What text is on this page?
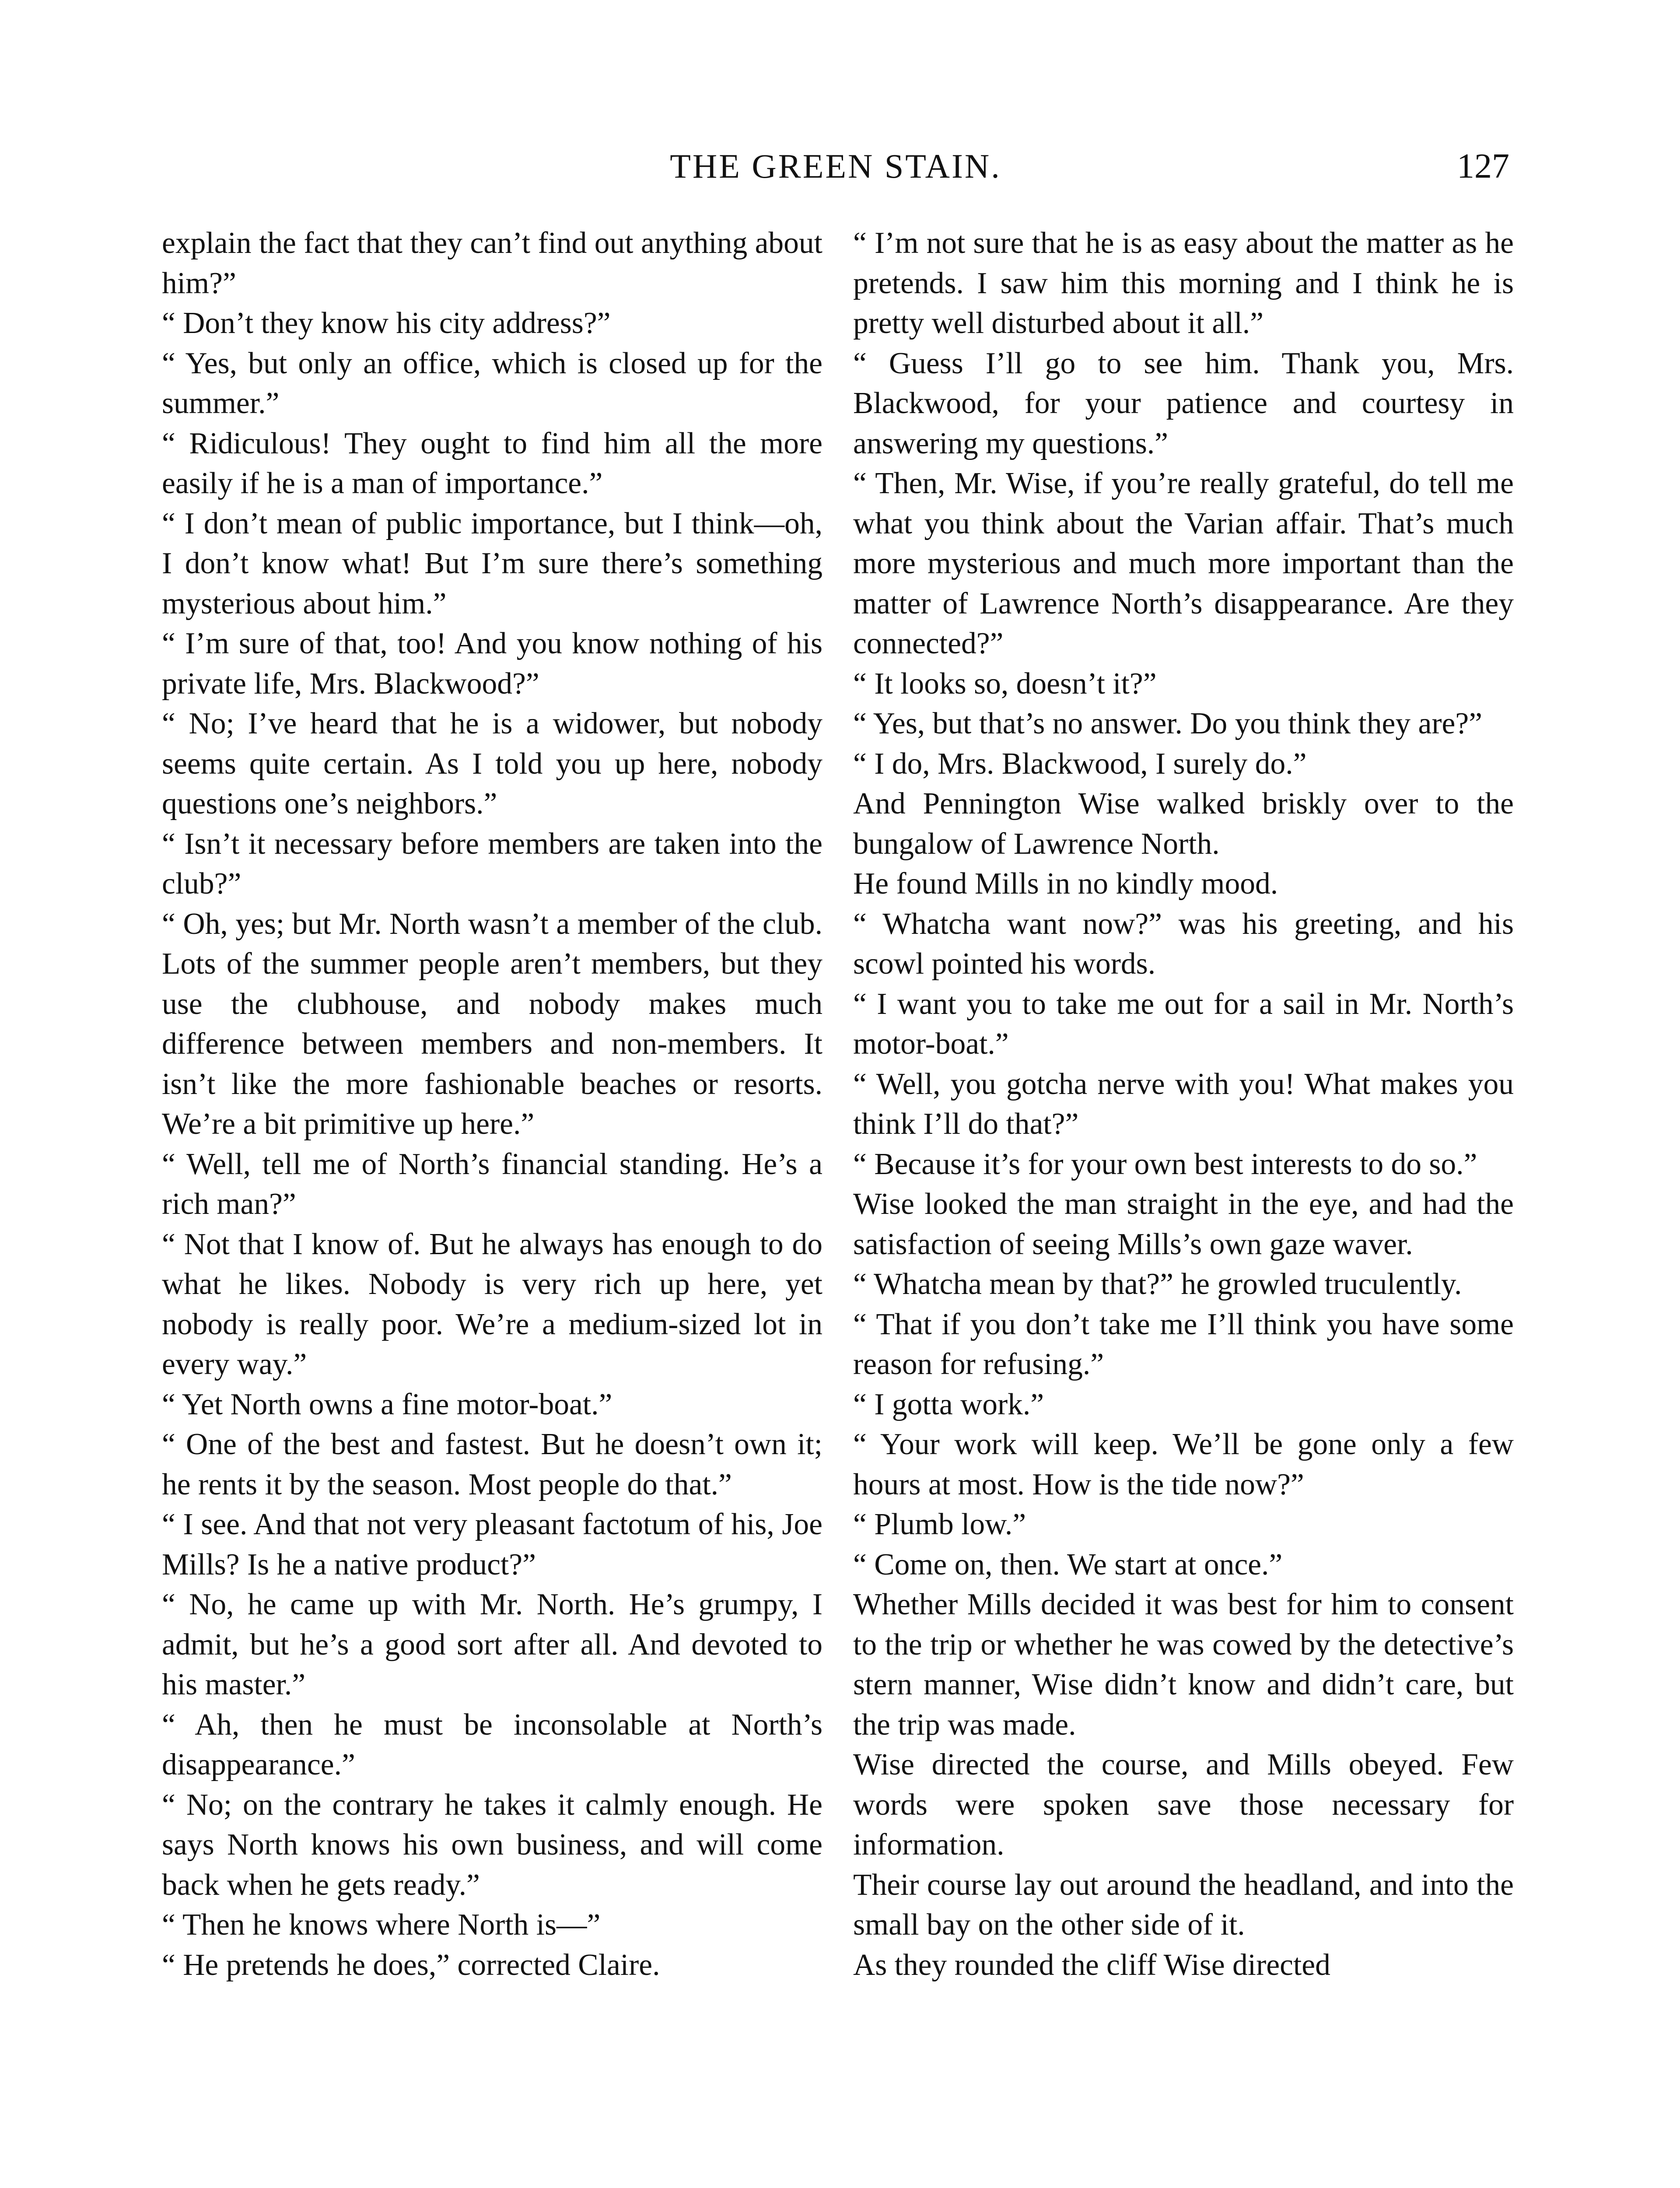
THE GREEN STAIN.	127

explain the fact that they can’t find out anything about him?”

“ Don’t they know his city address?”

“ Yes, but only an office, which is closed up for the summer.”

“ Ridiculous! They ought to find him all the more easily if he is a man of importance.”

“ I don’t mean of public importance, but I think—oh, I don’t know what! But I’m sure there’s something mysterious about him.”

“ I’m sure of that, too! And you know nothing of his private life, Mrs. Blackwood?”

“ No; I’ve heard that he is a widower, but nobody seems quite certain. As I told you up here, nobody questions one’s neighbors.”

“ Isn’t it necessary before members are taken into the club?”

“ Oh, yes; but Mr. North wasn’t a member of the club. Lots of the summer people aren’t members, but they use the clubhouse, and nobody makes much difference between members and non-members. It isn’t like the more fashionable beaches or resorts. We’re a bit primitive up here.”

“ Well, tell me of North’s financial standing. He’s a rich man?”

“ Not that I know of. But he always has enough to do what he likes. Nobody is very rich up here, yet nobody is really poor. We’re a medium-sized lot in every way.”

“ Yet North owns a fine motor-boat.”

“ One of the best and fastest. But he doesn’t own it; he rents it by the season. Most people do that.”

“ I see. And that not very pleasant factotum of his, Joe Mills? Is he a native product?”

“ No, he came up with Mr. North. He’s grumpy, I admit, but he’s a good sort after all. And devoted to his master.”

“ Ah, then he must be inconsolable at North’s disappearance.”

“ No; on the contrary he takes it calmly enough. He says North knows his own business, and will come back when he gets ready.”

“ Then he knows where North is—”

“ He pretends he does,” corrected Claire.

“ I’m not sure that he is as easy about the matter as he pretends. I saw him this morning and I think he is pretty well disturbed about it all.”

“ Guess I’ll go to see him. Thank you, Mrs. Blackwood, for your patience and courtesy in answering my questions.”

“ Then, Mr. Wise, if you’re really grateful, do tell me what you think about the Varian affair. That’s much more mysterious and much more important than the matter of Lawrence North’s disappearance. Are they connected?”

“ It looks so, doesn’t it?”

“ Yes, but that’s no answer. Do you think they are?”

“ I do, Mrs. Blackwood, I surely do.”

And Pennington Wise walked briskly over to the bungalow of Lawrence North.

He found Mills in no kindly mood.

“ Whatcha want now?” was his greeting, and his scowl pointed his words.

“ I want you to take me out for a sail in Mr. North’s motor-boat.”

“ Well, you gotcha nerve with you! What makes you think I’ll do that?”

“ Because it’s for your own best interests to do so.”

Wise looked the man straight in the eye, and had the satisfaction of seeing Mills’s own gaze waver.

“ Whatcha mean by that?” he growled truculently.

“ That if you don’t take me I’ll think you have some reason for refusing.”

“ I gotta work.”

“ Your work will keep. We’ll be gone only a few hours at most. How is the tide now?”

“ Plumb low.”

“ Come on, then. We start at once.”

Whether Mills decided it was best for him to consent to the trip or whether he was cowed by the detective’s stern manner, Wise didn’t know and didn’t care, but the trip was made.

Wise directed the course, and Mills obeyed. Few words were spoken save those necessary for information.

Their course lay out around the headland, and into the small bay on the other side of it.

As they rounded the cliff Wise directed
